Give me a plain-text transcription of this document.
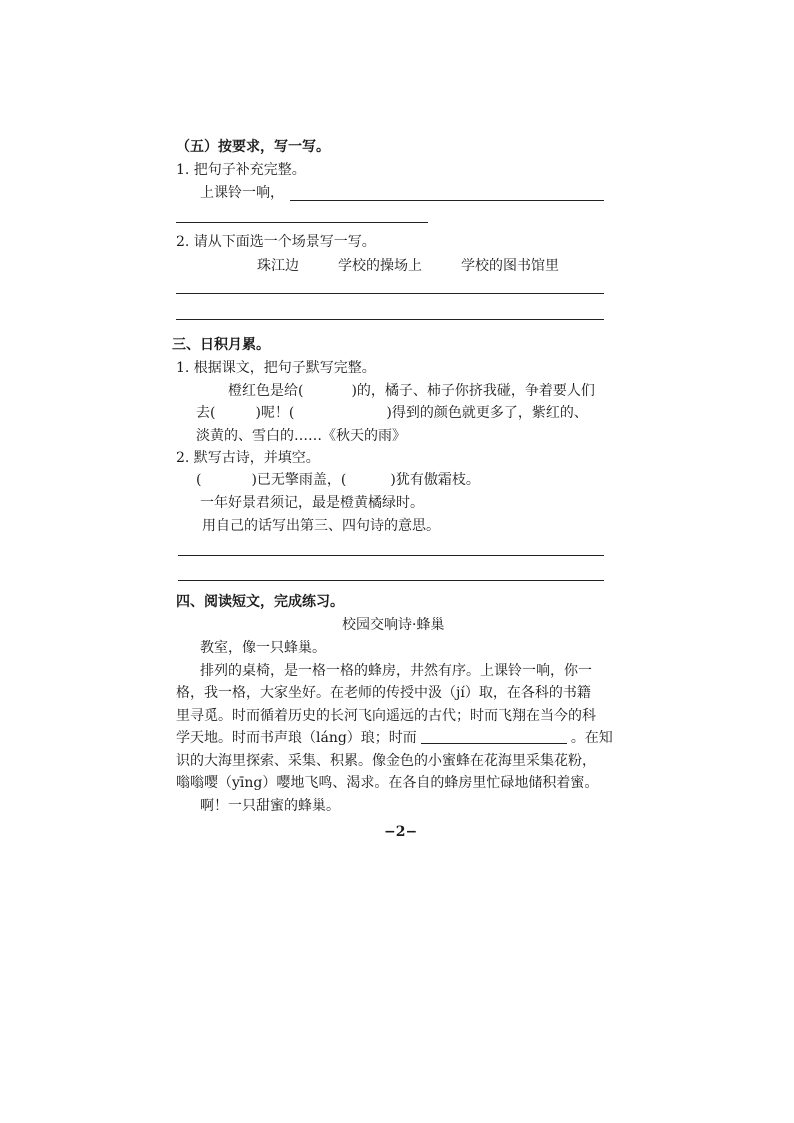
（五）按要求，写一写。
1. 把句子补充完整。
上课铃一响，
2. 请从下面选一个场景写一写。
珠江边	学校的操场上	学校的图书馆里
三、日积月累。
1. 根据课文，把句子默写完整。
橙红色是给(	)的，橘子、柿子你挤我碰，争着要人们
去(	)呢！(	)得到的颜色就更多了，紫红的、
淡黄的、雪白的……《秋天的雨》
2. 默写古诗，并填空。
(	)已无擎雨盖，(	)犹有傲霜枝。
一年好景君须记，最是橙黄橘绿时。
用自己的话写出第三、四句诗的意思。
四、阅读短文，完成练习。
校园交响诗·蜂巢
教室，像一只蜂巢。
排列的桌椅，是一格一格的蜂房，井然有序。上课铃一响，你一
格，我一格，大家坐好。在老师的传授中汲（jí）取，在各科的书籍
里寻觅。时而循着历史的长河飞向遥远的古代；时而飞翔在当今的科
学天地。时而书声琅（láng）琅；时而	。在知
识的大海里探索、采集、积累。像金色的小蜜蜂在花海里采集花粉，
嗡嗡嘤（yīng）嘤地飞鸣、渴求。在各自的蜂房里忙碌地储积着蜜。
啊！一只甜蜜的蜂巢。
−2−
